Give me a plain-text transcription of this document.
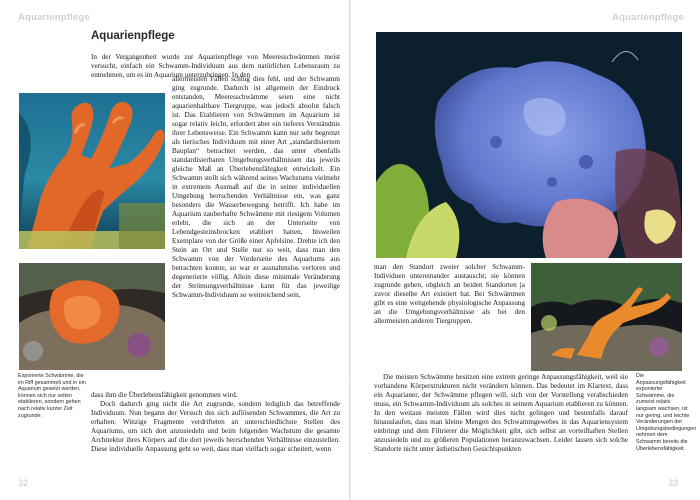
Aquarienpflege	Aquarienpflege
Aquarienpflege

In der Vergangenheit wurde zur Aquarienpflege von Meeresschwämmen meist versucht, einfach ein Schwamm-Individuum aus dem natürlichen Lebensraum zu entnehmen, um es im Aquarium unterzubringen. In den

allermeisten Fällen schlug dies fehl, und der Schwamm ging zugrunde. Dadurch ist allgemein der Eindruck entstanden, Meeresschwämme seien eine nicht aquarienhaltbare Tiergruppe, was jedoch absolut falsch ist. Das Etablieren von Schwämmen im Aquarium ist sogar relativ leicht, erfordert aber ein tieferes Verständnis ihrer Lebensweise. Ein Schwamm kann nur sehr begrenzt als tierisches Individuum mit einer Art „standardisiertem Bauplan“ betrachtet werden, das unter ebenfalls standardisierbaren Umgebungsverhältnissen das jeweils gleiche Maß an Überlebensfähigkeit entwickelt. Ein Schwamm stellt sich während seines Wachstums vielmehr in extremem Ausmaß auf die in seiner individuellen Umgebung herrschenden Verhältnisse ein, was ganz besonders die Wasserbewegung betrifft. Ich habe im Aquarium zauberhafte Schwämme mit riesigem Volumen erlebt, die sich an der Unterseite von Lebendgesteinsbrocken etabliert hatten, bisweilen Exemplare von der Größe einer Apfelsine. Drehte ich den Stein an Ort und Stelle nur so weit, dass man den Schwamm von der Vorderseite des Aquariums aus betrachten konnte, so war er ausnahmslos verloren und degenerierte völlig. Allein diese minimale Veränderung der Strömungsverhältnisse kann für das jeweilige Schwamm-Individuum so weitreichend sein,

dass ihm die Überlebensfähigkeit genommen wird.

Doch dadurch ging nicht die Art zugrunde, sondern lediglich das betreffende Individuum. Nun begann der Versuch des sich auflösenden Schwammes, die Art zu erhalten: Winzige Fragmente verdrifteten an unterschiedlichste Stellen des Aquariums, um sich dort anzusiedeln und beim folgenden Wachstum die gesamte Architektur ihres Körpers auf die dort jeweils herrschenden Verhältnisse einzustellen. Diese individuelle Anpassung geht so weit, dass man vielfach sogar scheitert, wenn

Exponierte Schwämme, die im Riff gesammelt und in ein Aquarium gesetzt werden, können sich nur selten etablieren, sondern gehen nach relativ kurzer Zeit zugrunde.

man den Standort zweier solcher Schwamm-Individuen untereinander austauscht; sie können zugrunde gehen, obgleich an beiden Standorten ja zuvor dieselbe Art existiert hat. Bei Schwämmen gibt es eine weitgehende physiologische Anpassung an die Umgebungsverhältnisse als bei den allermeisten anderen Tiergruppen.

Die meisten Schwämme besitzen eine extrem geringe Anpassungsfähigkeit, weil sie vorhandene Körperstrukturen nicht verändern können. Das bedeutet im Klartext, dass ein Aquarianer, der Schwämme pflegen will, sich von der Vorstellung verabschieden muss, ein Schwamm-Individuum als solches in seinem Aquarium etablieren zu können. In den weitaus meisten Fällen wird dies nicht gelingen und bestenfalls darauf hinauslaufen, dass man kleine Mengen des Schwammgewebes in das Aquariensystem einbringt und dem Filtrierer die Möglichkeit gibt, sich selbst an vorteilhaften Stellen anzusiedeln und zu größeren Populationen heranzuwachsen. Leider lassen sich solche Standorte nicht unter ästhetischen Gesichtspunkten

Die Anpassungsfähigkeit exponierter Schwämme, die zumeist relativ langsam wachsen, ist nur gering, und leichte Veränderungen der Umgebungsbedingungen nehmen dem Schwamm bereits die Überlebensfähigkeit.
32	33
